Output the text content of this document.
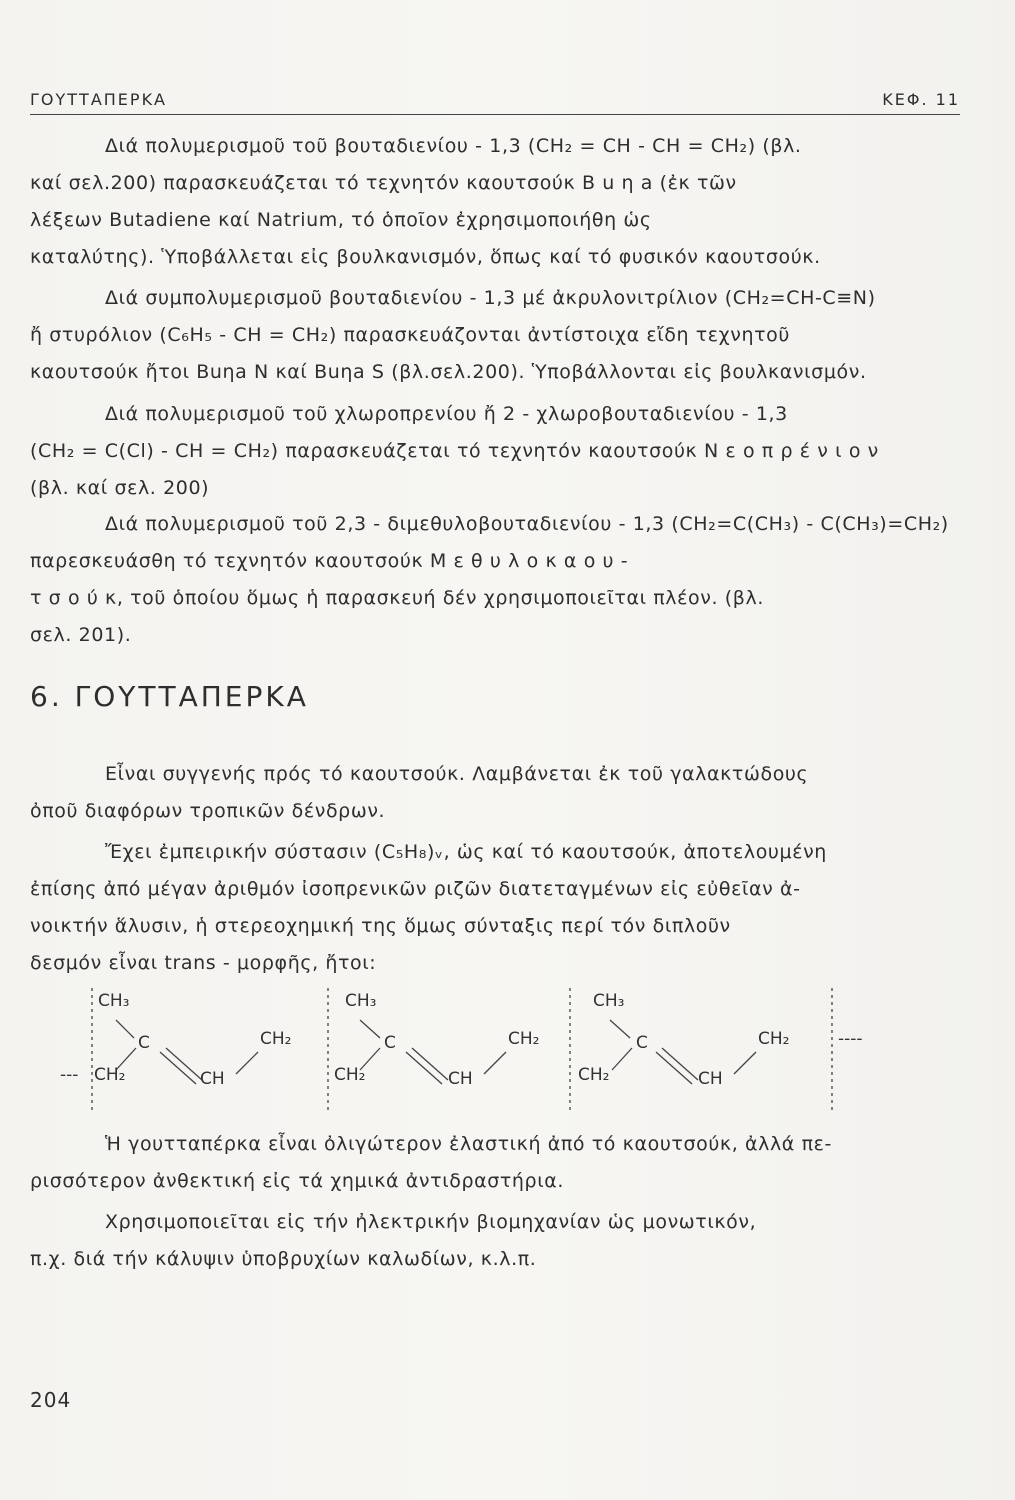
ΓΟΥΤΤΑΠΕΡΚΑ	ΚΕΦ. 11
Διά πολυμερισμοῦ τοῦ βουταδιενίου - 1,3 (CH₂ = CH - CH = CH₂) (βλ.
καί σελ.200) παρασκευάζεται τό τεχνητόν καουτσούκ Β u η a (ἐκ τῶν
λέξεων Butadiene καί Natrium, τό ὁποῖον ἐχρησιμοποιήθη ὡς
καταλύτης). Ὑποβάλλεται εἰς βουλκανισμόν, ὅπως καί τό φυσικόν καουτσούκ.
Διά συμπολυμερισμοῦ βουταδιενίου - 1,3 μέ ἀκρυλονιτρίλιον (CH₂=CH-C≡N)
ἤ στυρόλιον (C₆H₅ - CH = CH₂) παρασκευάζονται ἀντίστοιχα εἴδη τεχνητοῦ
καουτσούκ ἤτοι Βuηa N καί Βuηa S (βλ.σελ.200). Ὑποβάλλονται εἰς βουλκανισμόν.
Διά πολυμερισμοῦ τοῦ χλωροπρενίου ἤ 2 - χλωροβουταδιενίου - 1,3
(CH₂ = C(Cl) - CH = CH₂) παρασκευάζεται τό τεχνητόν καουτσούκ Ν ε ο π ρ έ ν ι ο ν
(βλ. καί σελ. 200)
Διά πολυμερισμοῦ τοῦ 2,3 - διμεθυλοβουταδιενίου - 1,3 (CH₂=C(CH₃) - C(CH₃)=CH₂)
παρεσκευάσθη τό τεχνητόν καουτσούκ Μ ε θ υ λ ο κ α ο υ -
τ σ ο ύ κ, τοῦ ὁποίου ὅμως ἡ παρασκευή δέν χρησιμοποιεῖται πλέον. (βλ.
σελ. 201).
6. ΓΟΥΤΤΑΠΕΡΚΑ
Εἶναι συγγενής πρός τό καουτσούκ. Λαμβάνεται ἐκ τοῦ γαλακτώδους
ὀποῦ διαφόρων τροπικῶν δένδρων.
Ἔχει ἐμπειρικήν σύστασιν (C₅H₈)ᵥ, ὡς καί τό καουτσούκ, ἀποτελουμένη
ἐπίσης ἀπό μέγαν ἀριθμόν ἰσοπρενικῶν ριζῶν διατεταγμένων εἰς εὐθεῖαν ἀ-
νοικτήν ἅλυσιν, ἡ στερεοχημική της ὅμως σύνταξις περί τόν διπλοῦν
δεσμόν εἶναι trans - μορφῆς, ἤτοι:
CH₃
C	CH₂
--- CH₂	CH
CH₃
C	CH₂
CH₂	CH
CH₃
C	CH₂
CH₂	CH
----
Ἡ γουτταπέρκα εἶναι ὀλιγώτερον ἐλαστική ἀπό τό καουτσούκ, ἀλλά πε-
ρισσότερον ἀνθεκτική εἰς τά χημικά ἀντιδραστήρια.
Χρησιμοποιεῖται εἰς τήν ἠλεκτρικήν βιομηχανίαν ὡς μονωτικόν,
π.χ. διά τήν κάλυψιν ὑποβρυχίων καλωδίων, κ.λ.π.
204
